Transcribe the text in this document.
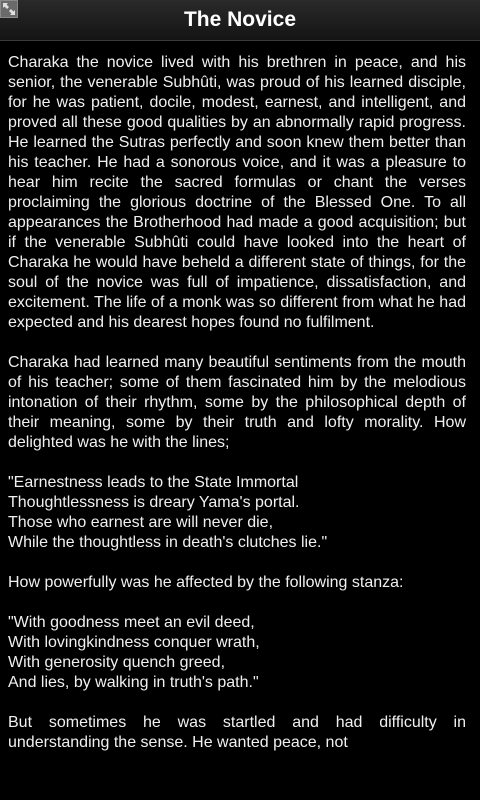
The Novice

Charaka the novice lived with his brethren in peace, and his senior, the venerable Subhûti, was proud of his learned disciple, for he was patient, docile, modest, earnest, and intelligent, and proved all these good qualities by an abnormally rapid progress. He learned the Sutras perfectly and soon knew them better than his teacher. He had a sonorous voice, and it was a pleasure to hear him recite the sacred formulas or chant the verses proclaiming the glorious doctrine of the Blessed One. To all appearances the Brotherhood had made a good acquisition; but if the venerable Subhûti could have looked into the heart of Charaka he would have beheld a different state of things, for the soul of the novice was full of impatience, dissatisfaction, and excitement. The life of a monk was so different from what he had expected and his dearest hopes found no fulfilment.

Charaka had learned many beautiful sentiments from the mouth of his teacher; some of them fascinated him by the melodious intonation of their rhythm, some by the philosophical depth of their meaning, some by their truth and lofty morality. How delighted was he with the lines;

"Earnestness leads to the State Immortal
Thoughtlessness is dreary Yama's portal.
Those who earnest are will never die,
While the thoughtless in death's clutches lie."

How powerfully was he affected by the following stanza:

"With goodness meet an evil deed,
With lovingkindness conquer wrath,
With generosity quench greed,
And lies, by walking in truth's path."

But sometimes he was startled and had difficulty in understanding the sense. He wanted peace, not
